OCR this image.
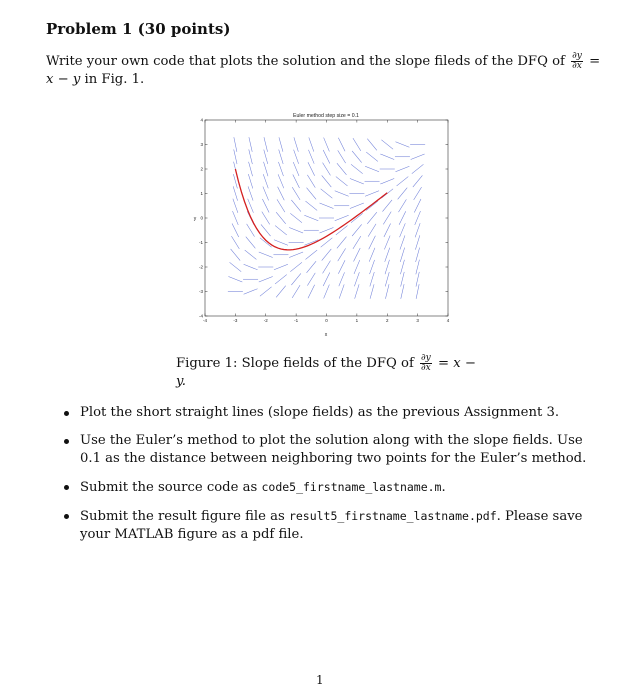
Problem 1 (30 points)
Write your own code that plots the solution and the slope fileds of the DFQ of $\frac{\partial y}{\partial x} = x - y$ in Fig. 1.
Euler method step size = 0.1
x
y
-4	-3	-2	-1	0	1	2	3	4
-4
-3
-2
-1
0
1
2
3
4
Figure 1: Slope fields of the DFQ of $\frac{\partial y}{\partial x} = x - y$.
Plot the short straight lines (slope fields) as the previous Assignment 3.
Use the Euler’s method to plot the solution along with the slope fields. Use 0.1 as the distance between neighboring two points for the Euler’s method.
Submit the source code as code5_firstname_lastname.m.
Submit the result figure file as result5_firstname_lastname.pdf. Please save your MATLAB figure as a pdf file.
1
